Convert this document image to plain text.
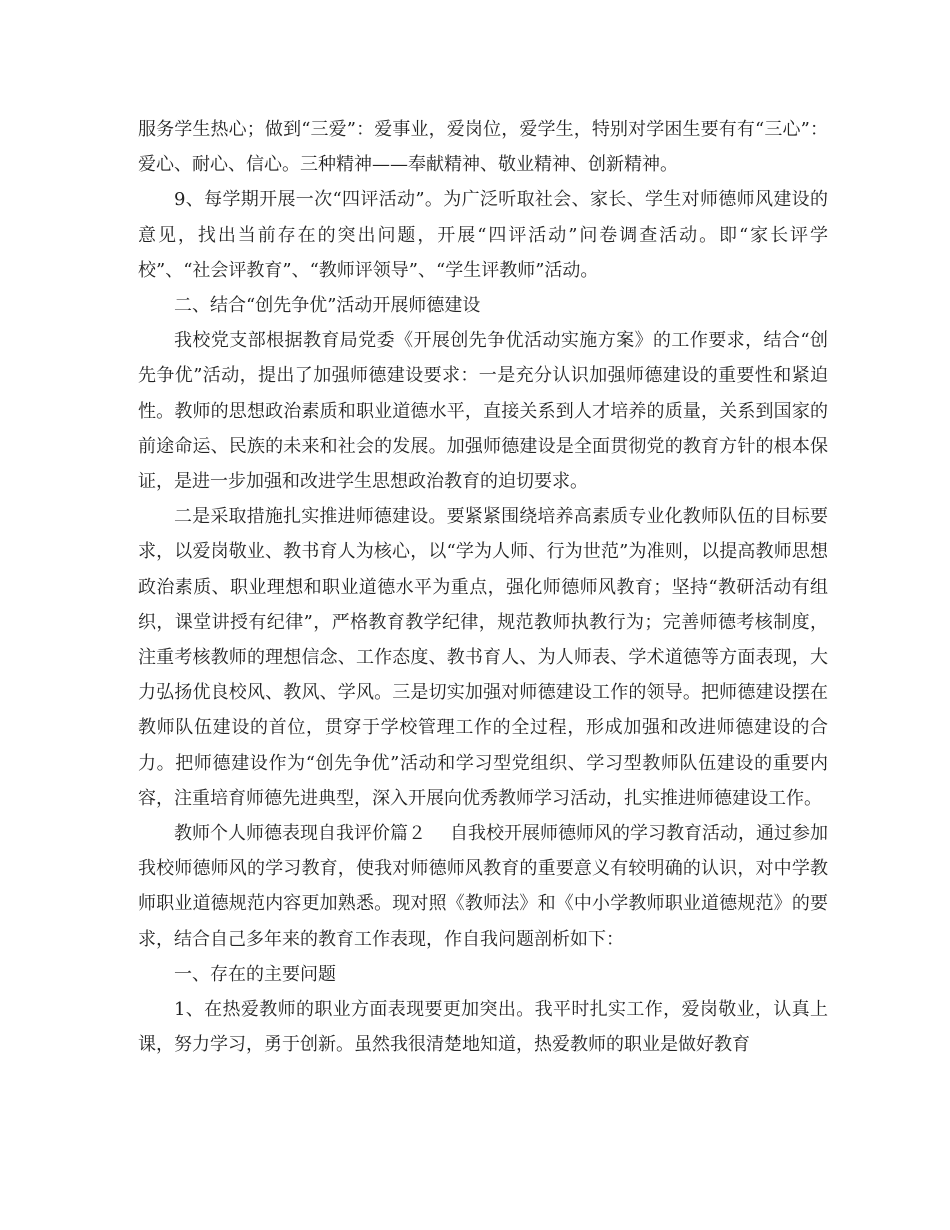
服务学生热心；做到“三爱”：爱事业，爱岗位，爱学生，特别对学困生要有有“三心”：爱心、耐心、信心。三种精神——奉献精神、敬业精神、创新精神。

9、每学期开展一次“四评活动”。为广泛听取社会、家长、学生对师德师风建设的意见，找出当前存在的突出问题，开展“四评活动”问卷调查活动。即“家长评学校”、“社会评教育”、“教师评领导”、“学生评教师”活动。

二、结合“创先争优”活动开展师德建设

我校党支部根据教育局党委《开展创先争优活动实施方案》的工作要求，结合“创先争优”活动，提出了加强师德建设要求：一是充分认识加强师德建设的重要性和紧迫性。教师的思想政治素质和职业道德水平，直接关系到人才培养的质量，关系到国家的前途命运、民族的未来和社会的发展。加强师德建设是全面贯彻党的教育方针的根本保证，是进一步加强和改进学生思想政治教育的迫切要求。

二是采取措施扎实推进师德建设。要紧紧围绕培养高素质专业化教师队伍的目标要求，以爱岗敬业、教书育人为核心，以“学为人师、行为世范”为准则，以提高教师思想政治素质、职业理想和职业道德水平为重点，强化师德师风教育；坚持“教研活动有组织，课堂讲授有纪律”，严格教育教学纪律，规范教师执教行为；完善师德考核制度，注重考核教师的理想信念、工作态度、教书育人、为人师表、学术道德等方面表现，大力弘扬优良校风、教风、学风。三是切实加强对师德建设工作的领导。把师德建设摆在教师队伍建设的首位，贯穿于学校管理工作的全过程，形成加强和改进师德建设的合力。把师德建设作为“创先争优”活动和学习型党组织、学习型教师队伍建设的重要内容，注重培育师德先进典型，深入开展向优秀教师学习活动，扎实推进师德建设工作。

教师个人师德表现自我评价篇２ 自我校开展师德师风的学习教育活动，通过参加我校师德师风的学习教育，使我对师德师风教育的重要意义有较明确的认识，对中学教师职业道德规范内容更加熟悉。现对照《教师法》和《中小学教师职业道德规范》的要求，结合自己多年来的教育工作表现，作自我问题剖析如下：

一、存在的主要问题

1、在热爱教师的职业方面表现要更加突出。我平时扎实工作，爱岗敬业，认真上课，努力学习，勇于创新。虽然我很清楚地知道，热爱教师的职业是做好教育
